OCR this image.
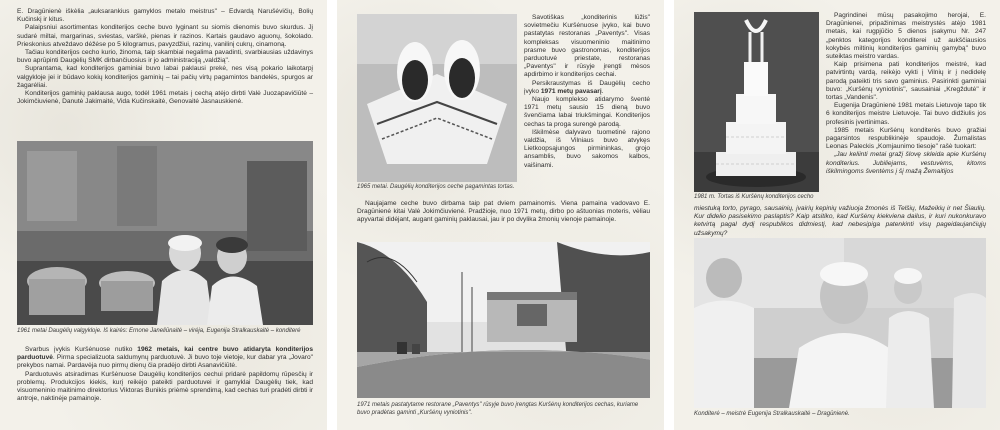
E. Dragūnienė iškėlia „auksarankius gamyklos metalo meistrus" – Edvardą Narušėvičių, Bolių Kučinskį ir kitus.

Palaipsniui asortimentas konditerijos ceche buvo lyginant su siomis dienomis buvo skurdus. Jį sudarė miltai, margarinas, sviestas, varškė, pienas ir razinos. Kartais gaudavo aguonų, šokolado. Prieskonius atveždavo dėžėse po 5 kilogramus, pavyzdžiui, razinų, vanilinį cukrų, cinamoną.

Tačiau konditerijos cecho kurio, žinoma, taip skambiai negalima pavadinti, svarbiausias uždavinys buvo aprūpinti Daugėlių SMK dirbančiuosius ir jo administraciją „valdžią".

Suprantama, kad konditerijos gaminiai buvo labai paklausi prekė, nes visą pokario laikotarpį valgykloje jei ir būdavo kokių konditerijos gaminių – tai pačių virtų pagamintos bandelės, spurgos ar žagarėliai.

Konditerijos gaminių paklausa augo, todėl 1961 metais į cechą atėjo dirbti Valė Juozapavičiūtė – Jokimčiuvienė, Danutė Jakimaitė, Vida Kučinskaitė, Genovaitė Jasnauskienė.

1961 metai Daugėlių valgykloje. Iš kairės: Ernone Janeliūnaitė – virėja, Eugenija Stralkauskaitė – konditerė

Svarbus įvykis Kuršėnuose nutiko 1962 metais, kai centre buvo atidaryta konditerijos parduotuvė. Pirma specializuota saldumynų parduotuvė. Ji buvo toje vietoje, kur dabar yra „Jovaro" prekybos namai. Pardavėja nuo pirmų dienų čia pradėjo dirbti Asanavičiūtė.

Parduotuvės atsiradimas Kuršėnuose Daugėlių konditerijos cechui pridarė papildomų rūpesčių ir problemų. Produkcijos kiekis, kurį reikėjo pateikti parduotuvei ir gamyklai Daugėlių tiek, kad visuomeninio maitinimo direktorius Viktoras Bunikis priėmė sprendimą, kad cechas turi pradėti dirbti ir antroje, naktinėje pamainoje.

1965 metai. Daugėlių konditerijos ceche pagamintas tortas.

Savotiškas „konditerinis lūžis" sovietmečiu Kuršėnuose įvyko, kai buvo pastatytas restoranas „Paventys". Visas kompleksas visuomeninio maitinimo prasme buvo gastronomas, konditerijos parduotuvė priestate, restoranas „Paventys" ir rūsyje įrengti mėsos apdirbimo ir konditerijos cechai.

Persikraustymas iš Daugėlių cecho įvyko 1971 metų pavasarį.

Naujo komplekso atidarymo šventė 1971 metų sausio 15 dieną buvo švenčiama labai triukšmingai. Konditerijos cechas ta proga surengė parodą.

Iškilmėse dalyvavo tuometinė rajono valdžia, iš Vilniaus buvo atvykęs Lietkoopsąjungos pirmininkas, grojo ansamblis, buvo sakomos kalbos, vaišinami.

Naujajame ceche buvo dirbama taip pat dviem pamainomis. Viena pamaina vadovavo E. Dragūnienė kitai Valė Jokimčiuvienė. Pradžioje, nuo 1971 metų, dirbo po aštuonias moteris, vėliau apyvartai didėjant, augant gaminių paklausai, jau ir po dvylika žmonių vienoje pamainoje.

1971 metais pastatytame restorane „Paventys" rūsyje buvo įrengtas Kuršėnų konditerijos cechas, kuriame buvo pradėtas gaminti „Kuršėnų vyniotinis".
1981 m. Tortas iš Kuršėnų konditerijos cecho

Pagrindinei mūsų pasakojimo herojai, E. Dragūnienei, pripažinimas meistrystės atėjo 1981 metais, kai rugpjūčio 5 dienos įsakymu Nr. 247 „penktos kategorijos konditerei už aukščiausios kokybės miltinių konditerijos gaminių gamybą" buvo suteiktas meistro vardas.

Kaip prisimena pati konditerijos meistrė, kad patvirtintų vardą, reikėjo vykti į Vilnių ir į nedidelę parodą pateikti tris savo gaminius. Pasirinkti gaminiai buvo: „Kuršėnų vyniotinis", sausainiai „Kregždutė" ir tortas „Vandenis".

Eugenija Dragūnienė 1981 metais Lietuvoje tapo tik 6 konditerijos meistre Lietuvoje. Tai buvo didžiulis jos profesinis įvertinimas.

1985 metais Kuršėnų konditerės buvo gražiai pagarsintos respublikinėje spaudoje. Žurnalistas Leonas Paleckis „Komjaunimo tiesoje" rašė tuokart:

„Jau keliinti metai gražį šlovę skleida apie Kuršėnų konditerius. Jubiliejams, vestuvėms, kitoms iškilmingoms šventėms į šį mažą Žemaitijos

miestuką torto, pyrago, sausainių, įvairių kepinių važiuoja žmonės iš Telšių, Mažeikių ir net Šiaulių. Kur didelio pasisekimo paslaptis? Kaip atsitiko, kad Kuršėnų kiekviena dailus, ir kuri nukonkuravo ketvirtą pagal dydį respublikos didmiestį, kad nebesipiga patenkinti visų pageidaujančiųjų užsakymų?

Konditerė – meistrė Eugenija Stralkauskaitė – Dragūnienė.
